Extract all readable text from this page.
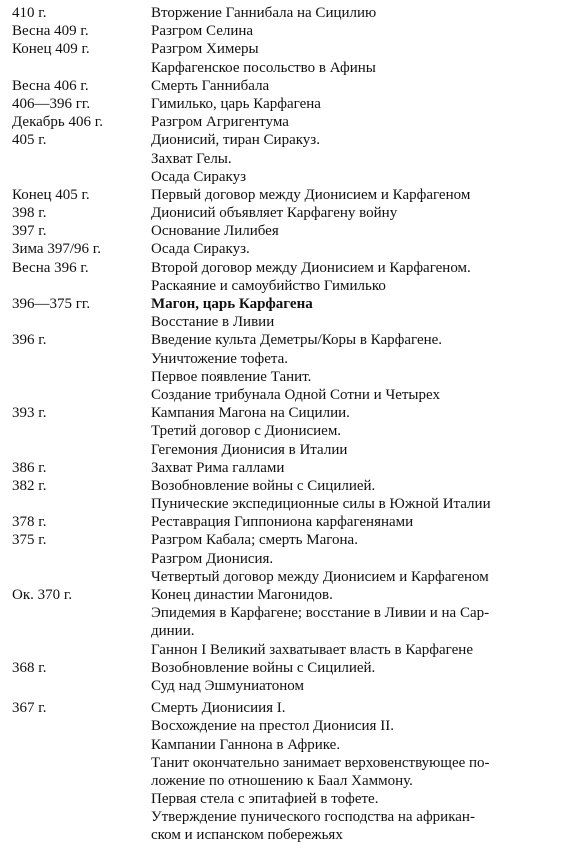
410 г.	Вторжение Ганнибала на Сицилию
Весна 409 г.	Разгром Селина
Конец 409 г.	Разгром Химеры
Карфагенское посольство в Афины
Весна 406 г.	Смерть Ганнибала
406—396 гг.	Гимилько, царь Карфагена
Декабрь 406 г.	Разгром Агригентума
405 г.	Дионисий, тиран Сиракуз.
Захват Гелы.
Осада Сиракуз
Конец 405 г.	Первый договор между Дионисием и Карфагеном
398 г.	Дионисий объявляет Карфагену войну
397 г.	Основание Лилибея
Зима 397/96 г.	Осада Сиракуз.
Весна 396 г.	Второй договор между Дионисием и Карфагеном.
Раскаяние и самоубийство Гимилько
396—375 гг.	Магон, царь Карфагена
Восстание в Ливии
396 г.	Введение культа Деметры/Коры в Карфагене.
Уничтожение тофета.
Первое появление Танит.
Создание трибунала Одной Сотни и Четырех
393 г.	Кампания Магона на Сицилии.
Третий договор с Дионисием.
Гегемония Дионисия в Италии
386 г.	Захват Рима галлами
382 г.	Возобновление войны с Сицилией.
Пунические экспедиционные силы в Южной Италии
378 г.	Реставрация Гиппониона карфагенянами
375 г.	Разгром Кабала; смерть Магона.
Разгром Дионисия.
Четвертый договор между Дионисием и Карфагеном
Ок. 370 г.	Конец династии Магонидов.
Эпидемия в Карфагене; восстание в Ливии и на Сар-
динии.
Ганнон I Великий захватывает власть в Карфагене
368 г.	Возобновление войны с Сицилией.
Суд над Эшмуниатоном
367 г.	Смерть Дионисиия I.
Восхождение на престол Дионисия II.
Кампании Ганнона в Африке.
Танит окончательно занимает верховенствующее по-
ложение по отношению к Баал Хаммону.
Первая стела с эпитафией в тофете.
Утверждение пунического господства на африкан-
ском и испанском побережьях
